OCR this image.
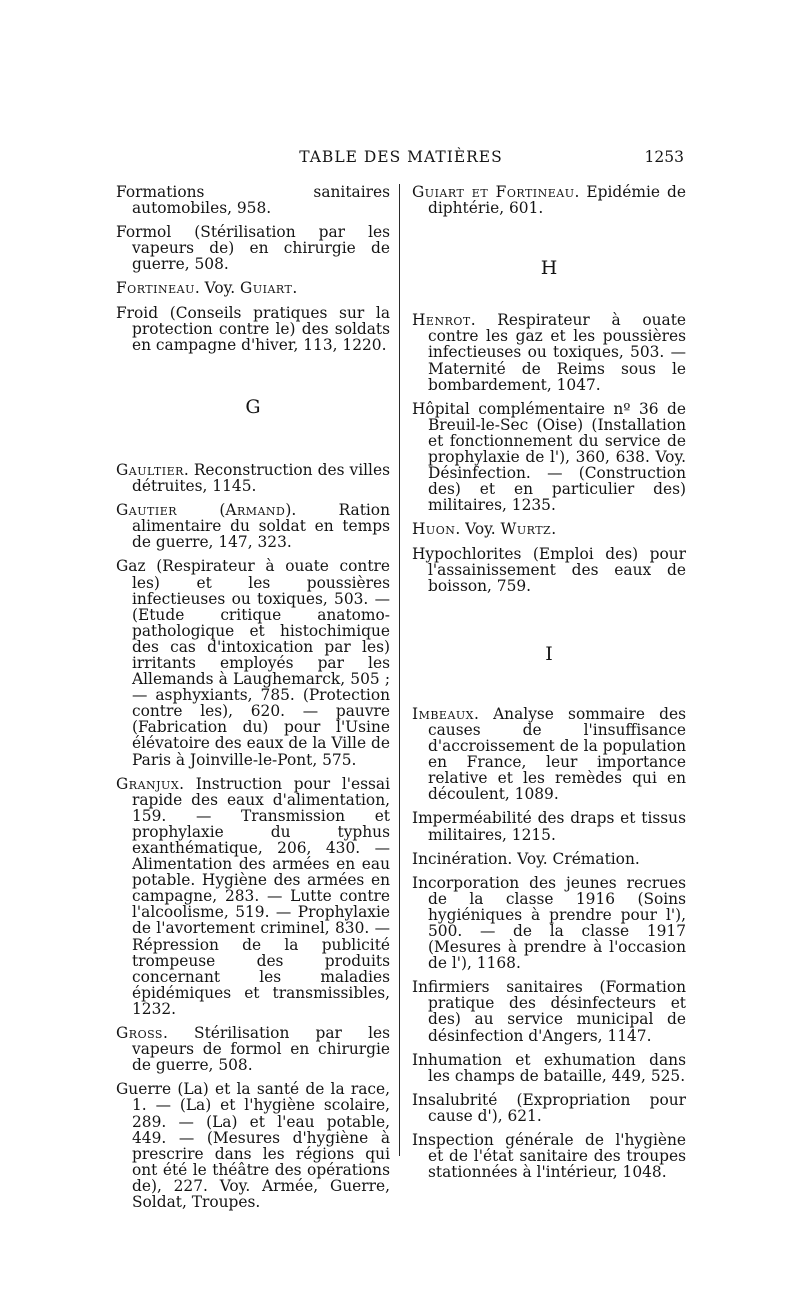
TABLE DES MATIÈRES	1253

Formations sanitaires automobiles, 958.

Formol (Stérilisation par les vapeurs de) en chirurgie de guerre, 508.

Fortineau. Voy. Guiart.

Froid (Conseils pratiques sur la protection contre le) des soldats en campagne d'hiver, 113, 1220.

G

Gaultier. Reconstruction des villes détruites, 1145.

Gautier (Armand). Ration alimentaire du soldat en temps de guerre, 147, 323.

Gaz (Respirateur à ouate contre les) et les poussières infectieuses ou toxiques, 503. — (Etude critique anatomo-pathologique et histochimique des cas d'intoxication par les) irritants employés par les Allemands à Laughemarck, 505 ; — asphyxiants, 785. (Protection contre les), 620. — pauvre (Fabrication du) pour l'Usine élévatoire des eaux de la Ville de Paris à Joinville-le-Pont, 575.

Granjux. Instruction pour l'essai rapide des eaux d'alimentation, 159. — Transmission et prophylaxie du typhus exanthématique, 206, 430. — Alimentation des armées en eau potable. Hygiène des armées en campagne, 283. — Lutte contre l'alcoolisme, 519. — Prophylaxie de l'avortement criminel, 830. — Répression de la publicité trompeuse des produits concernant les maladies épidémiques et transmissibles, 1232.

Gross. Stérilisation par les vapeurs de formol en chirurgie de guerre, 508.

Guerre (La) et la santé de la race, 1. — (La) et l'hygiène scolaire, 289. — (La) et l'eau potable, 449. — (Mesures d'hygiène à prescrire dans les régions qui ont été le théâtre des opérations de), 227. Voy. Armée, Guerre, Soldat, Troupes.

Guiart et Fortineau. Epidémie de diphtérie, 601.

H

Henrot. Respirateur à ouate contre les gaz et les poussières infectieuses ou toxiques, 503. — Maternité de Reims sous le bombardement, 1047.

Hôpital complémentaire nº 36 de Breuil-le-Sec (Oise) (Installation et fonctionnement du service de prophylaxie de l'), 360, 638. Voy. Désinfection. — (Construction des) et en particulier des) militaires, 1235.

Huon. Voy. Wurtz.

Hypochlorites (Emploi des) pour l'assainissement des eaux de boisson, 759.

I

Imbeaux. Analyse sommaire des causes de l'insuffisance d'accroissement de la population en France, leur importance relative et les remèdes qui en découlent, 1089.

Imperméabilité des draps et tissus militaires, 1215.

Incinération. Voy. Crémation.

Incorporation des jeunes recrues de la classe 1916 (Soins hygiéniques à prendre pour l'), 500. — de la classe 1917 (Mesures à prendre à l'occasion de l'), 1168.

Infirmiers sanitaires (Formation pratique des désinfecteurs et des) au service municipal de désinfection d'Angers, 1147.

Inhumation et exhumation dans les champs de bataille, 449, 525.

Insalubrité (Expropriation pour cause d'), 621.

Inspection générale de l'hygiène et de l'état sanitaire des troupes stationnées à l'intérieur, 1048.
